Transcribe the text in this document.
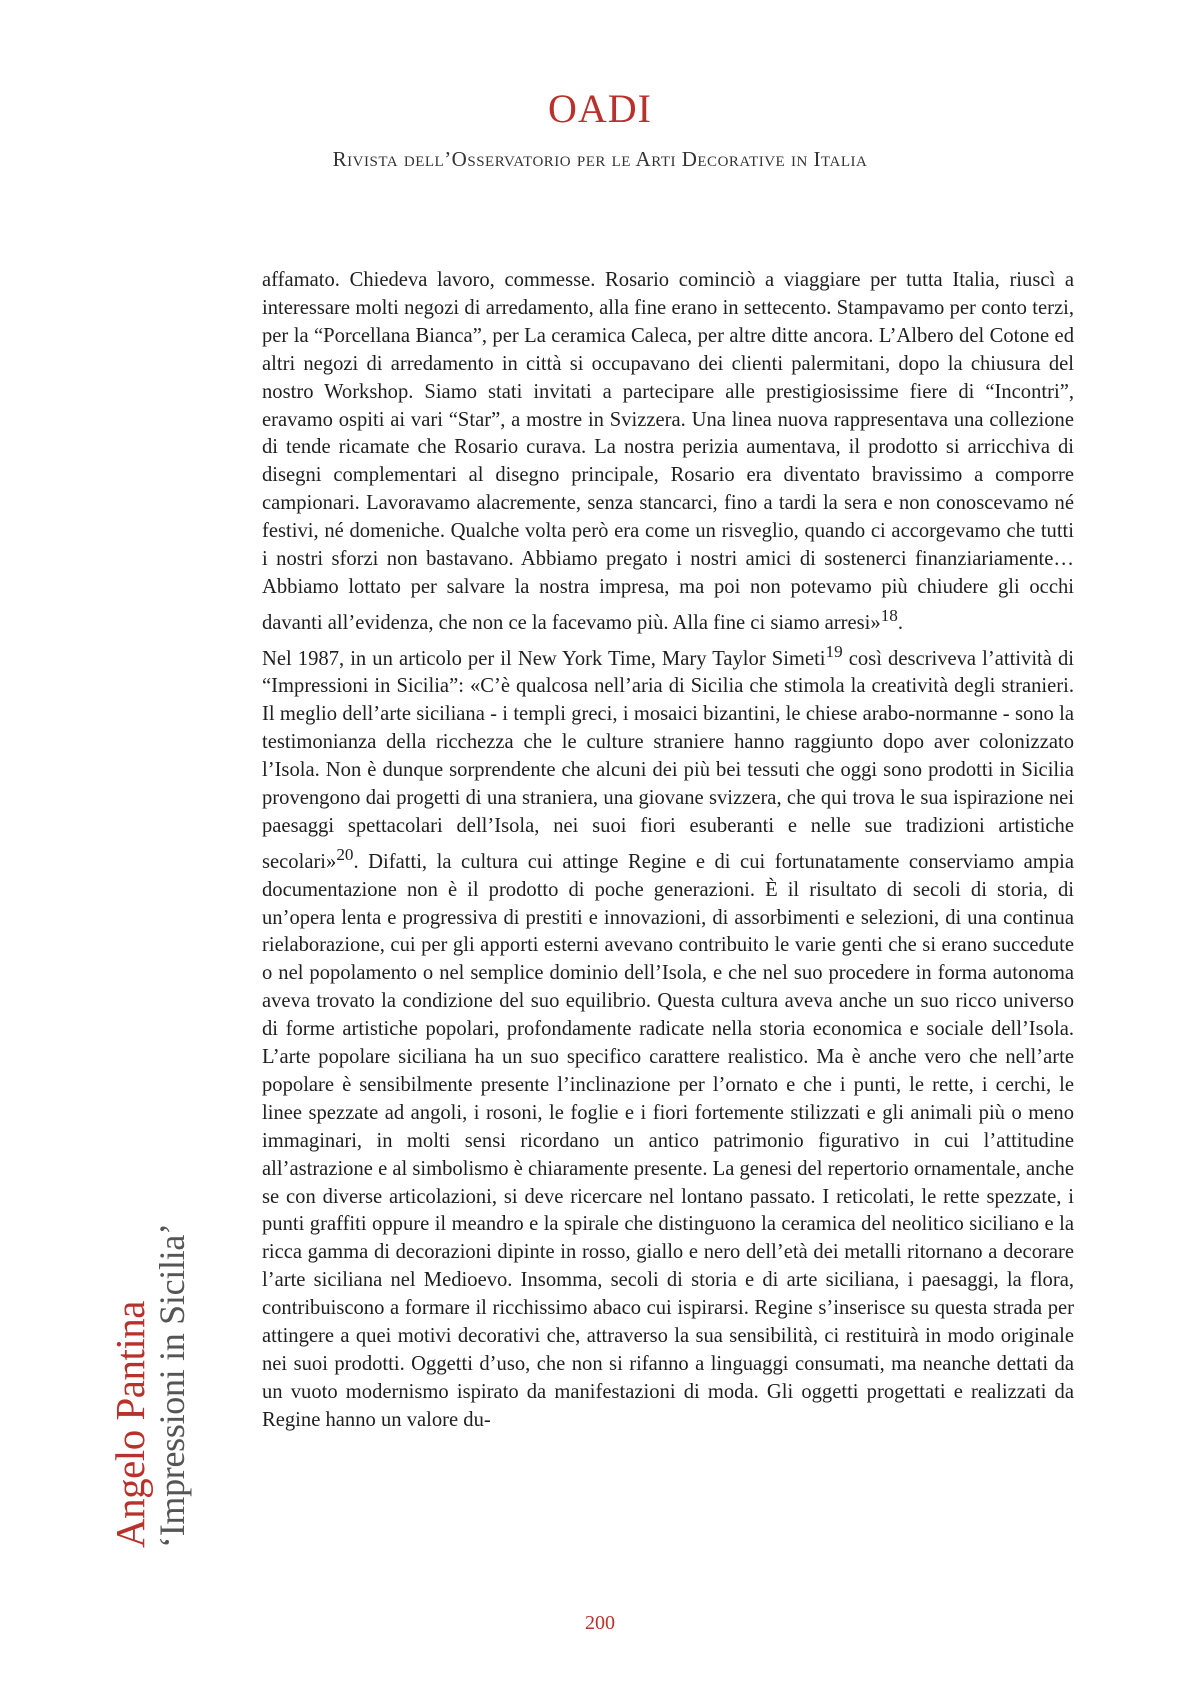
OADI
Rivista dell’Osservatorio per le Arti Decorative in Italia

affamato. Chiedeva lavoro, commesse. Rosario cominciò a viaggiare per tutta Italia, riuscì a interessare molti negozi di arredamento, alla fine erano in settecento. Stampavamo per conto terzi, per la “Porcellana Bianca”, per La ceramica Caleca, per altre ditte ancora. L’Albero del Cotone ed altri negozi di arredamento in città si occupavano dei clienti palermitani, dopo la chiusura del nostro Workshop. Siamo stati invitati a partecipare alle prestigiosissime fiere di “Incontri”, eravamo ospiti ai vari “Star”, a mostre in Svizzera. Una linea nuova rappresentava una collezione di tende ricamate che Rosario curava. La nostra perizia aumentava, il prodotto si arricchiva di disegni complementari al disegno principale, Rosario era diventato bravissimo a comporre campionari. Lavoravamo alacremente, senza stancarci, fino a tardi la sera e non conoscevamo né festivi, né domeniche. Qualche volta però era come un risveglio, quando ci accorgevamo che tutti i nostri sforzi non bastavano. Abbiamo pregato i nostri amici di sostenerci finanziariamente… Abbiamo lottato per salvare la nostra impresa, ma poi non potevamo più chiudere gli occhi davanti all’evidenza, che non ce la facevamo più. Alla fine ci siamo arresi»$^{18}$.

Nel 1987, in un articolo per il New York Time, Mary Taylor Simeti$^{19}$ così descriveva l’attività di “Impressioni in Sicilia”: «C’è qualcosa nell’aria di Sicilia che stimola la creatività degli stranieri. Il meglio dell’arte siciliana - i templi greci, i mosaici bizantini, le chiese arabo-normanne - sono la testimonianza della ricchezza che le culture straniere hanno raggiunto dopo aver colonizzato l’Isola. Non è dunque sorprendente che alcuni dei più bei tessuti che oggi sono prodotti in Sicilia provengono dai progetti di una straniera, una giovane svizzera, che qui trova le sua ispirazione nei paesaggi spettacolari dell’Isola, nei suoi fiori esuberanti e nelle sue tradizioni artistiche secolari»$^{20}$. Difatti, la cultura cui attinge Regine e di cui fortunatamente conserviamo ampia documentazione non è il prodotto di poche generazioni. È il risultato di secoli di storia, di un’opera lenta e progressiva di prestiti e innovazioni, di assorbimenti e selezioni, di una continua rielaborazione, cui per gli apporti esterni avevano contribuito le varie genti che si erano succedute o nel popolamento o nel semplice dominio dell’Isola, e che nel suo procedere in forma autonoma aveva trovato la condizione del suo equilibrio. Questa cultura aveva anche un suo ricco universo di forme artistiche popolari, profondamente radicate nella storia economica e sociale dell’Isola. L’arte popolare siciliana ha un suo specifico carattere realistico. Ma è anche vero che nell’arte popolare è sensibilmente presente l’inclinazione per l’ornato e che i punti, le rette, i cerchi, le linee spezzate ad angoli, i rosoni, le foglie e i fiori fortemente stilizzati e gli animali più o meno immaginari, in molti sensi ricordano un antico patrimonio figurativo in cui l’attitudine all’astrazione e al simbolismo è chiaramente presente. La genesi del repertorio ornamentale, anche se con diverse articolazioni, si deve ricercare nel lontano passato. I reticolati, le rette spezzate, i punti graffiti oppure il meandro e la spirale che distinguono la ceramica del neolitico siciliano e la ricca gamma di decorazioni dipinte in rosso, giallo e nero dell’età dei metalli ritornano a decorare l’arte siciliana nel Medioevo. Insomma, secoli di storia e di arte siciliana, i paesaggi, la flora, contribuiscono a formare il ricchissimo abaco cui ispirarsi. Regine s’inserisce su questa strada per attingere a quei motivi decorativi che, attraverso la sua sensibilità, ci restituirà in modo originale nei suoi prodotti. Oggetti d’uso, che non si rifanno a linguaggi consumati, ma neanche dettati da un vuoto modernismo ispirato da manifestazioni di moda. Gli oggetti progettati e realizzati da Regine hanno un valore du-

Angelo Pantina ‘Impressioni in Sicilia’
200
